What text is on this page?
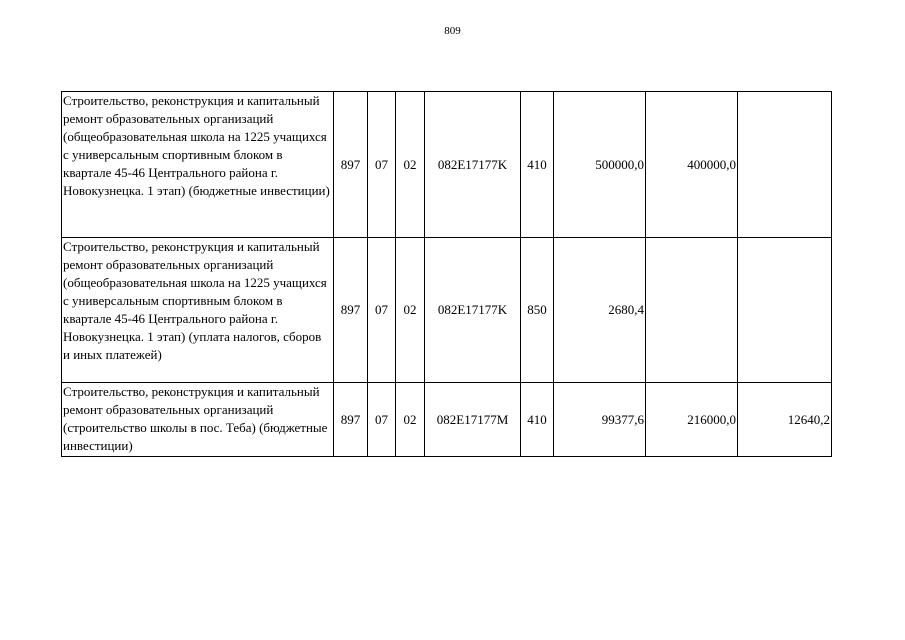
809
Строительство, реконструкция и капитальный ремонт образовательных организаций (общеобразовательная школа на 1225 учащихся с универсальным спортивным блоком в квартале 45-46 Центрального района г. Новокузнецка. 1 этап) (бюджетные инвестиции)	897	07	02	082E17177K	410	500000,0	400000,0	
Строительство, реконструкция и капитальный ремонт образовательных организаций (общеобразовательная школа на 1225 учащихся с универсальным спортивным блоком в квартале 45-46 Центрального района г. Новокузнецка. 1 этап) (уплата налогов, сборов и иных платежей)	897	07	02	082E17177K	850	2680,4		
Строительство, реконструкция и капитальный ремонт образовательных организаций (строительство школы в пос. Теба) (бюджетные инвестиции)	897	07	02	082E17177M	410	99377,6	216000,0	12640,2
